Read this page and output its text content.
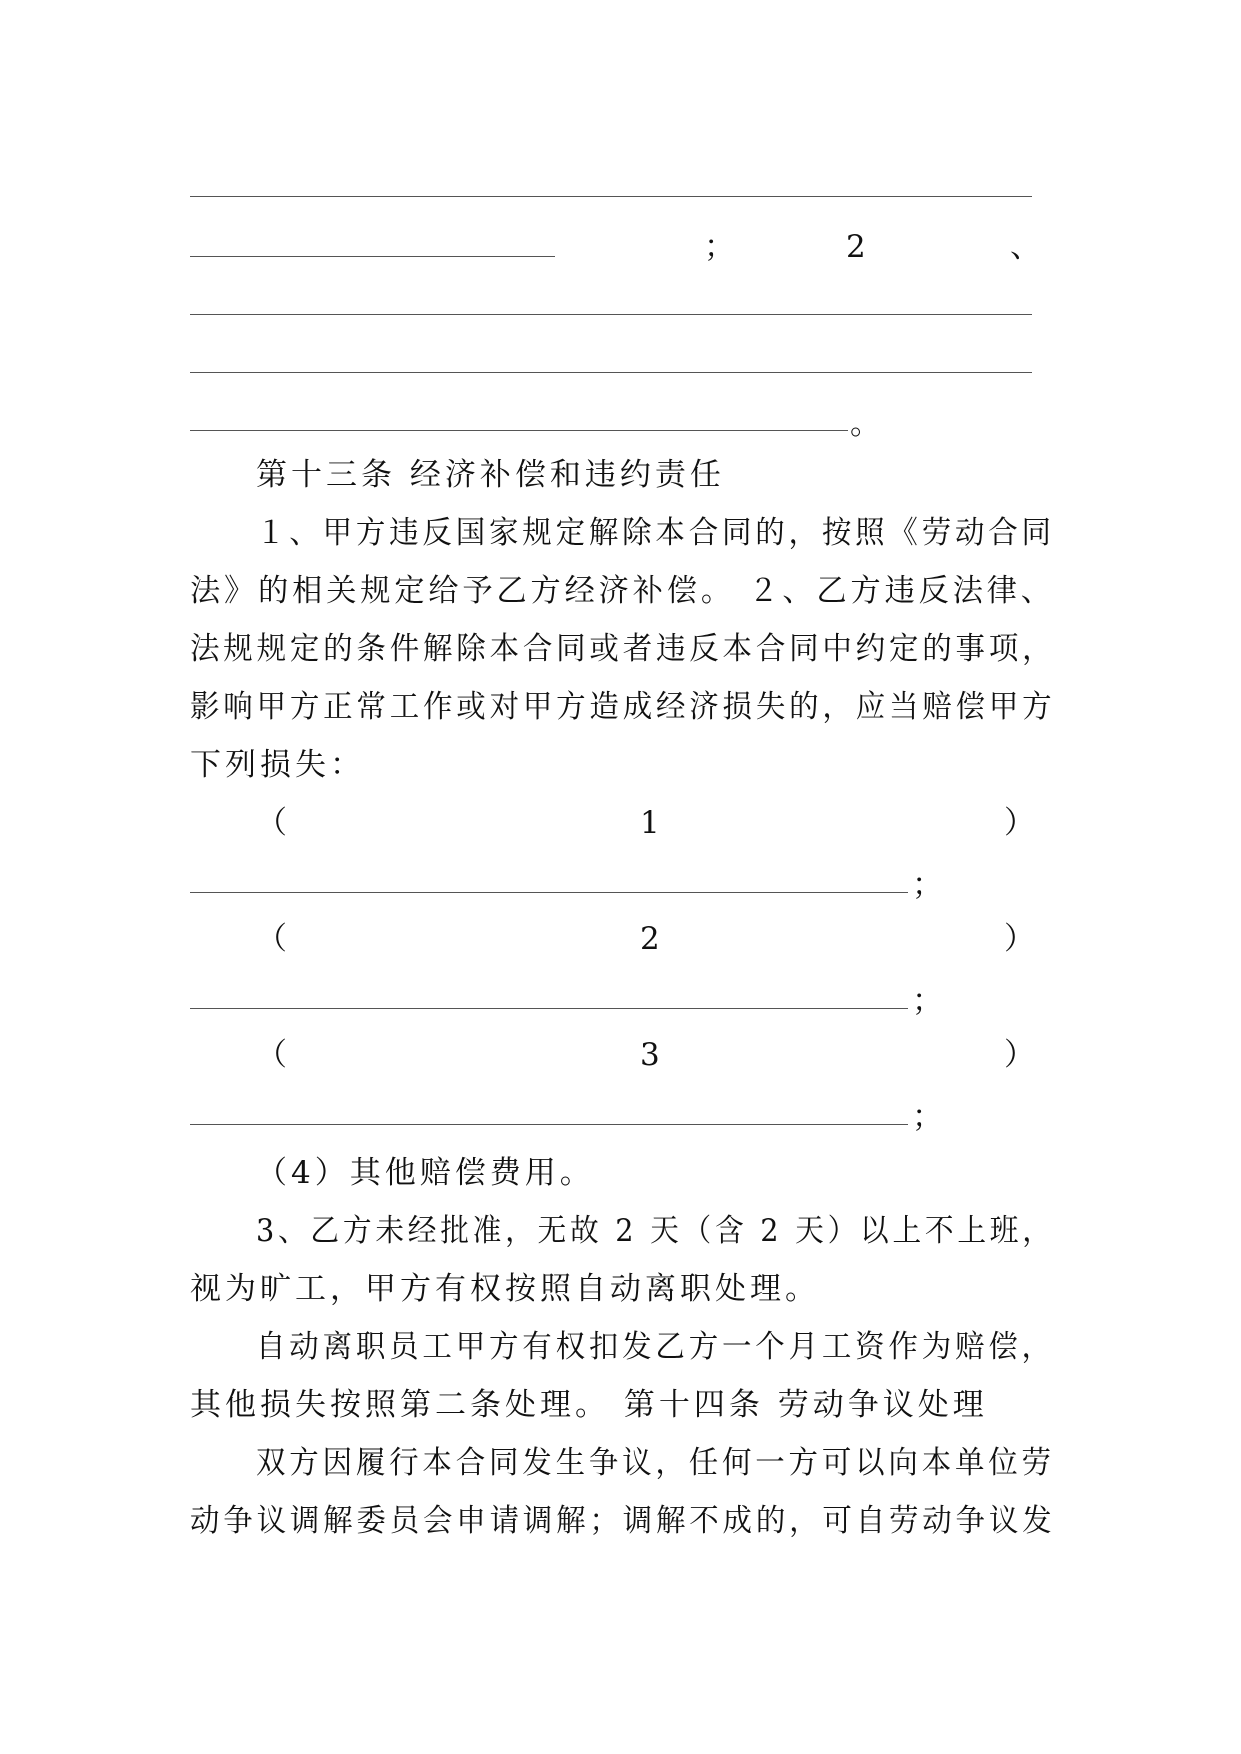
；	2	、
。
第十三条 经济补偿和违约责任
１、甲方违反国家规定解除本合同的，按照《劳动合同
法》的相关规定给予乙方经济补偿。 ２、乙方违反法律、
法规规定的条件解除本合同或者违反本合同中约定的事项，
影响甲方正常工作或对甲方造成经济损失的，应当赔偿甲方
下列损失：
（	1	）
；
（	2	）
；
（	3	）
；
（4）其他赔偿费用。
3、乙方未经批准，无故 2 天（含 2 天）以上不上班，
视为旷工，甲方有权按照自动离职处理。
自动离职员工甲方有权扣发乙方一个月工资作为赔偿，
其他损失按照第二条处理。 第十四条 劳动争议处理
双方因履行本合同发生争议，任何一方可以向本单位劳
动争议调解委员会申请调解；调解不成的，可自劳动争议发
